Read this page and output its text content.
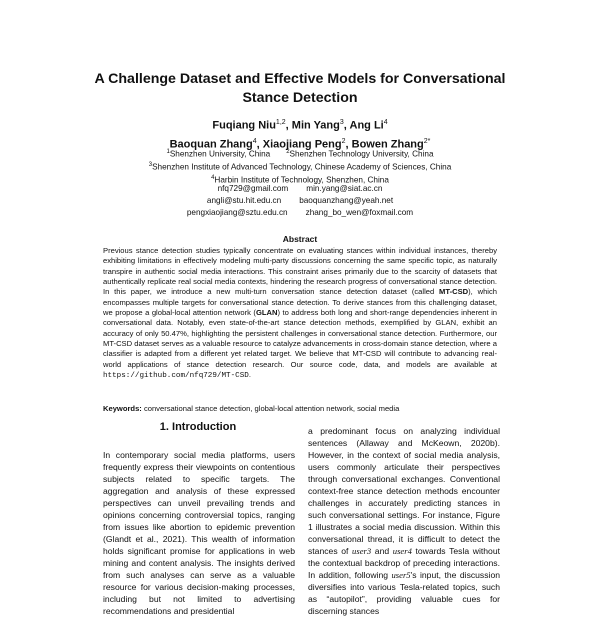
A Challenge Dataset and Effective Models for Conversational
Stance Detection
Fuqiang Niu$^{1,2}$, Min Yang$^3$, Ang Li$^4$
Baoquan Zhang$^4$, Xiaojiang Peng$^2$, Bowen Zhang$^{2*}$
$^1$Shenzhen University, China	$^2$Shenzhen Technology University, China
$^3$Shenzhen Institute of Advanced Technology, Chinese Academy of Sciences, China
$^4$Harbin Institute of Technology, Shenzhen, China
nfq729@gmail.com min.yang@siat.ac.cn
angli@stu.hit.edu.cn baoquanzhang@yeah.net
pengxiaojiang@sztu.edu.cn zhang_bo_wen@foxmail.com
Abstract

Previous stance detection studies typically concentrate on evaluating stances within individual instances, thereby exhibiting limitations in effectively modeling multi-party discussions concerning the same specific topic, as naturally transpire in authentic social media interactions. This constraint arises primarily due to the scarcity of datasets that authentically replicate real social media contexts, hindering the research progress of conversational stance detection. In this paper, we introduce a new multi-turn conversation stance detection dataset (called MT-CSD), which encompasses multiple targets for conversational stance detection. To derive stances from this challenging dataset, we propose a global-local attention network (GLAN) to address both long and short-range dependencies inherent in conversational data. Notably, even state-of-the-art stance detection methods, exemplified by GLAN, exhibit an accuracy of only 50.47%, highlighting the persistent challenges in conversational stance detection. Furthermore, our MT-CSD dataset serves as a valuable resource to catalyze advancements in cross-domain stance detection, where a classifier is adapted from a different yet related target. We believe that MT-CSD will contribute to advancing real-world applications of stance detection research. Our source code, data, and models are available at https://github.com/nfq729/MT-CSD.

Keywords: conversational stance detection, global-local attention network, social media

1. Introduction

In contemporary social media platforms, users frequently express their viewpoints on contentious subjects related to specific targets. The aggregation and analysis of these expressed perspectives can unveil prevailing trends and opinions concerning controversial topics, ranging from issues like abortion to epidemic prevention (Glandt et al., 2021). This wealth of information holds significant promise for applications in web mining and content analysis. The insights derived from such analyses can serve as a valuable resource for various decision-making processes, including but not limited to advertising recommendations and presidential

a predominant focus on analyzing individual sentences (Allaway and McKeown, 2020b). However, in the context of social media analysis, users commonly articulate their perspectives through conversational exchanges. Conventional context-free stance detection methods encounter challenges in accurately predicting stances in such conversational settings. For instance, Figure 1 illustrates a social media discussion. Within this conversational thread, it is difficult to detect the stances of user3 and user4 towards Tesla without the contextual backdrop of preceding interactions. In addition, following user5's input, the discussion diversifies into various Tesla-related topics, such as “autopilot”, providing valuable cues for discerning stances
